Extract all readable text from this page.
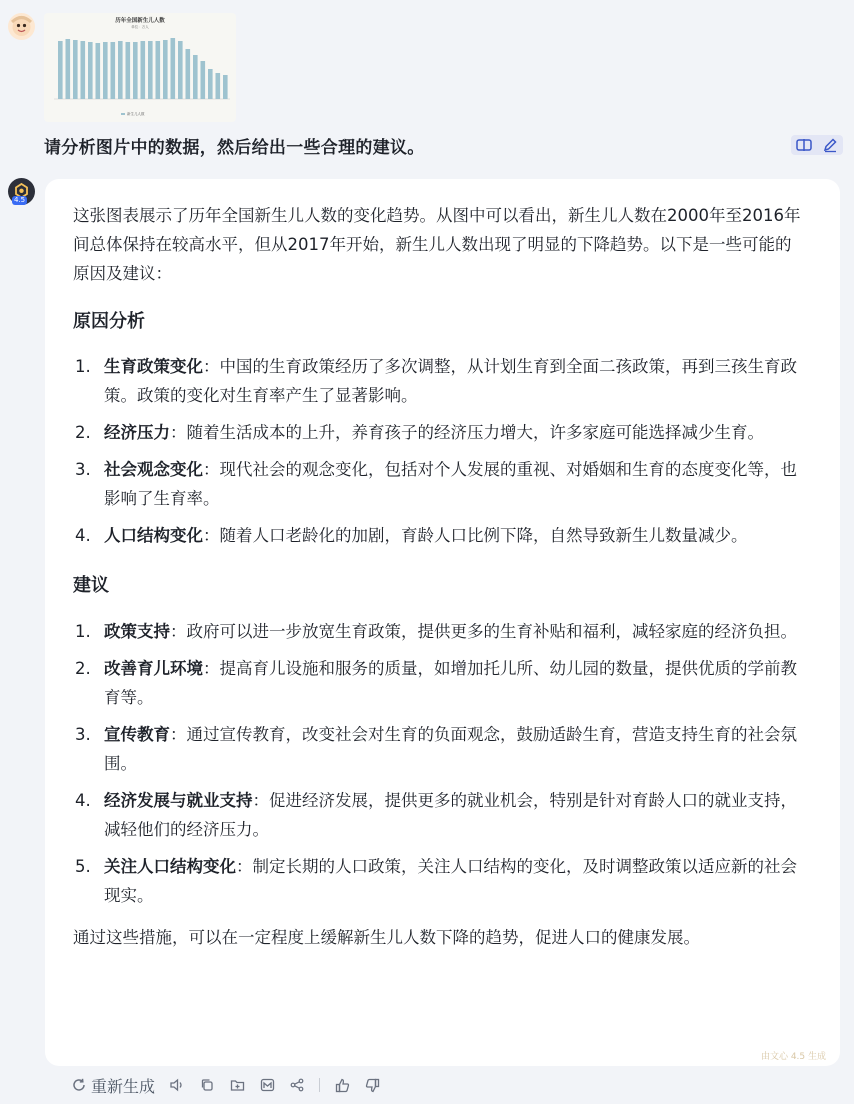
历年全国新生儿人数
单位：万人
新生儿人数
请分析图片中的数据，然后给出一些合理的建议。
4.5

这张图表展示了历年全国新生儿人数的变化趋势。从图中可以看出，新生儿人数在2000年至2016年间总体保持在较高水平，但从2017年开始，新生儿人数出现了明显的下降趋势。以下是一些可能的原因及建议：

原因分析
1. 生育政策变化：中国的生育政策经历了多次调整，从计划生育到全面二孩政策，再到三孩生育政策。政策的变化对生育率产生了显著影响。
2. 经济压力：随着生活成本的上升，养育孩子的经济压力增大，许多家庭可能选择减少生育。
3. 社会观念变化：现代社会的观念变化，包括对个人发展的重视、对婚姻和生育的态度变化等，也影响了生育率。
4. 人口结构变化：随着人口老龄化的加剧，育龄人口比例下降，自然导致新生儿数量减少。
建议
1. 政策支持：政府可以进一步放宽生育政策，提供更多的生育补贴和福利，减轻家庭的经济负担。
2. 改善育儿环境：提高育儿设施和服务的质量，如增加托儿所、幼儿园的数量，提供优质的学前教育等。
3. 宣传教育：通过宣传教育，改变社会对生育的负面观念，鼓励适龄生育，营造支持生育的社会氛围。
4. 经济发展与就业支持：促进经济发展，提供更多的就业机会，特别是针对育龄人口的就业支持，减轻他们的经济压力。
5. 关注人口结构变化：制定长期的人口政策，关注人口结构的变化，及时调整政策以适应新的社会现实。

通过这些措施，可以在一定程度上缓解新生儿人数下降的趋势，促进人口的健康发展。

由文心 4.5 生成
重新生成
